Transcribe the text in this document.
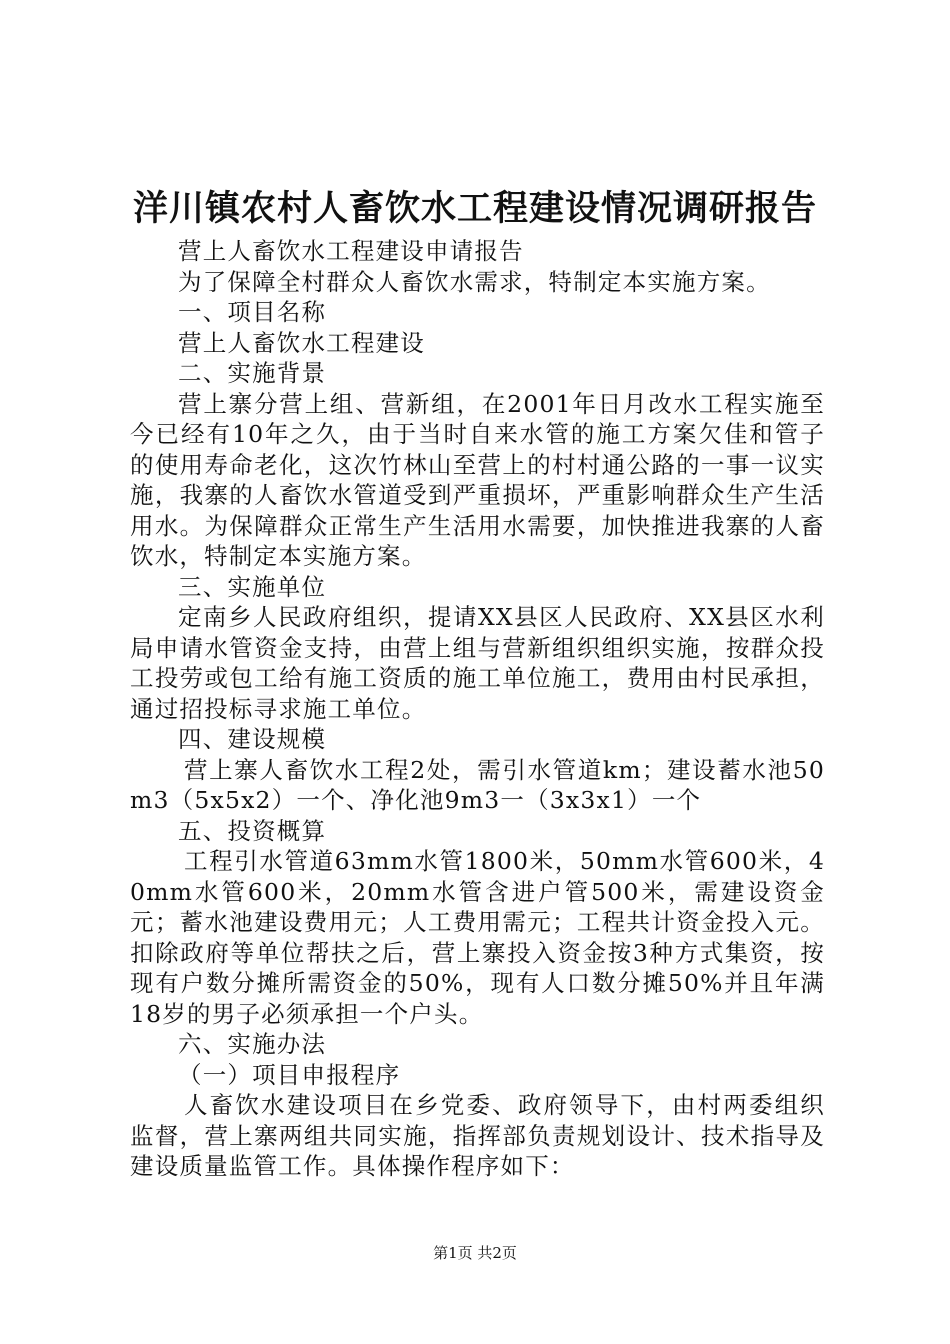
洋川镇农村人畜饮水工程建设情况调研报告

营上人畜饮水工程建设申请报告

为了保障全村群众人畜饮水需求，特制定本实施方案。

一、项目名称

营上人畜饮水工程建设

二、实施背景

营上寨分营上组、营新组，在2001年日月改水工程实施至今已经有10年之久，由于当时自来水管的施工方案欠佳和管子的使用寿命老化，这次竹林山至营上的村村通公路的一事一议实施，我寨的人畜饮水管道受到严重损坏，严重影响群众生产生活用水。为保障群众正常生产生活用水需要，加快推进我寨的人畜饮水，特制定本实施方案。

三、实施单位

定南乡人民政府组织，提请XX县区人民政府、XX县区水利局申请水管资金支持，由营上组与营新组织组织实施，按群众投工投劳或包工给有施工资质的施工单位施工，费用由村民承担，通过招投标寻求施工单位。

四、建设规模

营上寨人畜饮水工程2处，需引水管道km；建设蓄水池50m3（5x5x2）一个、净化池9m3一（3x3x1）一个

五、投资概算

工程引水管道63mm水管1800米，50mm水管600米，40mm水管600米，20mm水管含进户管500米，需建设资金元；蓄水池建设费用元；人工费用需元；工程共计资金投入元。扣除政府等单位帮扶之后，营上寨投入资金按3种方式集资，按现有户数分摊所需资金的50%，现有人口数分摊50%并且年满18岁的男子必须承担一个户头。

六、实施办法

（一）项目申报程序

人畜饮水建设项目在乡党委、政府领导下，由村两委组织监督，营上寨两组共同实施，指挥部负责规划设计、技术指导及建设质量监管工作。具体操作程序如下：

第1页 共2页
